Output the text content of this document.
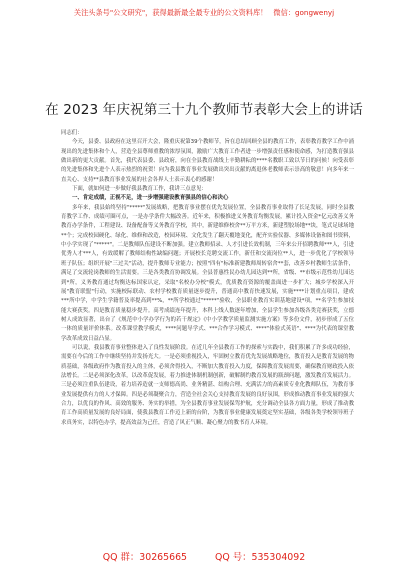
关注头条号"公文研究"，获得最新最全最专业的公文资料库！ 微信：gongwenyj
在 2023 年庆祝第三十九个教师节表彰大会上的讲话

同志们：

今天，县委、县政府在这里召开大会，隆重庆祝第39个教师节，旨在总结回顾全县的教育工作，表彰教育教学工作中涌现出的先进集体和个人，营造全县尊师重教的浓厚氛围，激励广大教育工作者进一步增强责任感和使命感，为打造教育强县做出新的更大贡献。首先，我代表县委、县政府，向在全县教育战线上辛勤耕耘的****名教职工致以节日的问候！向受表彰的先进集体和先进个人表示热烈的祝贺！向为我县教育事业发展做出突出贡献的离退休老教师表示崇高的敬意！向多年来一直关心、支持**县教育事业发展的社会各界人士表示衷心的感谢！

下面，就如何进一步做好我县教育工作，我讲三点意见：

一、肯定成绩，正视不足，进一步增强建设教育强县的信心和决心

多年来，我县始终坚持"*****"发展战略，把教育事业摆在优先发展位置，全县教育事业取得了长足发展，同时全县教育教学工作、成绩可圈可点，一是办学条件大幅改善。近年来，积极推进义务教育均衡发展，累计投入资金*亿元改善义务教育办学条件，工程建设、设备配备等义务教育学校，其中，新建维修校舍**万平方米，新建塑胶场地**块，笔式足球场地**个；完成校园硬化、绿化、维修和改造，校园环境、文化发生了翻天覆地变化，配齐实验仪器、多媒体设备和图书资料，中小学实现了"*****"。二是教师队伍建设不断加强。建立教师招录、人才引进长效机制，三年来公开招聘教师***人，引进优秀人才***人，有效缓解了教师结构性缺编问题；开展校长竞聘交流工作，新任和交流岗位**人，进一步优化了学校领导班子队伍；组织开展"三过关"活动，提升教师专业能力；按照"四有"标准新建教师周转宿舍**套，改善乡村教师生活条件，满足了交流轮岗教师的生活需要。三是各类教育协调发展。全县普惠性民办幼儿园达到**所，省级、**市级示范性幼儿园达到*所，义务教育通过均衡达标国家认定，采取"名校办分校"模式，优质教育资源的覆盖面进一步扩大；城乡学校深入开展"教育联盟"行动，实施校际联动、农村学校教育质量逐步提升，普通高中教育快速发展，实施****计划重点项目，建成***所中学，中学生学籍普及率提高到**%，**所学校通过"*****"验收，全县职业教育实训基地建设*项，**名学生参加技能大赛获奖。四是教育质量稳步提升。高考成绩连年提升，本科上线人数逐年增加，全县学生参加各级各类竞赛获奖，立德树人成效显著，出台了《规范中小学办学行为的若干规定》《中小学教学质量监测实施方案》等多份文件，初步形成了五位一体的质量评价体系。改革课堂教学模式，****问题导学式、***合作学习模式、****"体验式英语"、****为代表的课堂教学改革成效日益凸显。

可以说，我县教育事业整体进入了良性发展阶段。在近几年全县教育工作的探索与实践中，我们积累了许多成功经验，需要在今后的工作中继续坚持并发扬光大。一是必须重视投入，牢固树立教育优先发展战略地位，教育投入是教育发展的物质基础，各级政府作为教育投入的主体，必须舍得投入，不断加大教育投入力度，保障教育发展需要，确保教育财政投入依法增长。二是必须深化改革，以改革促发展，着力推进体制机制创新，破解制约教育发展的瓶颈问题，激发教育发展活力。三是必须注重队伍建设，着力培养造就一支师德高尚、业务精湛、结构合理、充满活力的高素质专业化教师队伍，为教育事业发展提供有力的人才保障。四是必须凝聚合力，营造全社会关心支持教育发展的良好氛围，形成推动教育事业发展的强大合力，以优良的作风、高效的服务、务实的举措，为全县教育事业发展保驾护航，充分调动全县各方面力量，形成了推动教育工作高质量发展的良好局面，使我县教育工作迈上新的台阶，为教育事业健康发展奠定坚实基础，各级各类学校领导班子求真务实，以特色办学，提高效益为己任，营造了风正气顺、凝心聚力的教书育人环境。

QQ 群：30265665	QQ 号：535304092
